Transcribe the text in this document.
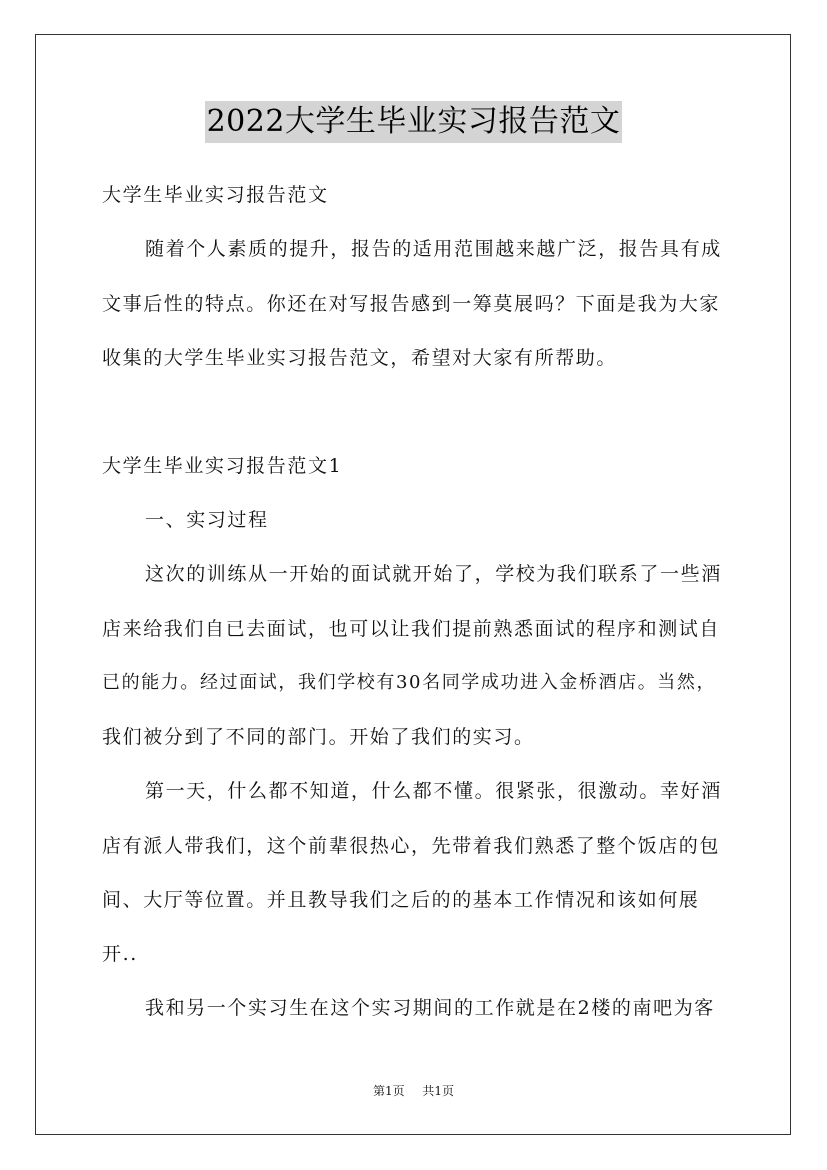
2022大学生毕业实习报告范文
大学生毕业实习报告范文
随着个人素质的提升，报告的适用范围越来越广泛，报告具有成
文事后性的特点。你还在对写报告感到一筹莫展吗？下面是我为大家
收集的大学生毕业实习报告范文，希望对大家有所帮助。
大学生毕业实习报告范文1
一、实习过程
这次的训练从一开始的面试就开始了，学校为我们联系了一些酒
店来给我们自已去面试，也可以让我们提前熟悉面试的程序和测试自
已的能力。经过面试，我们学校有30名同学成功进入金桥酒店。当然，
我们被分到了不同的部门。开始了我们的实习。
第一天，什么都不知道，什么都不懂。很紧张，很激动。幸好酒
店有派人带我们，这个前辈很热心，先带着我们熟悉了整个饭店的包
间、大厅等位置。并且教导我们之后的的基本工作情况和该如何展
开..
我和另一个实习生在这个实习期间的工作就是在2楼的南吧为客
第1页 共1页
